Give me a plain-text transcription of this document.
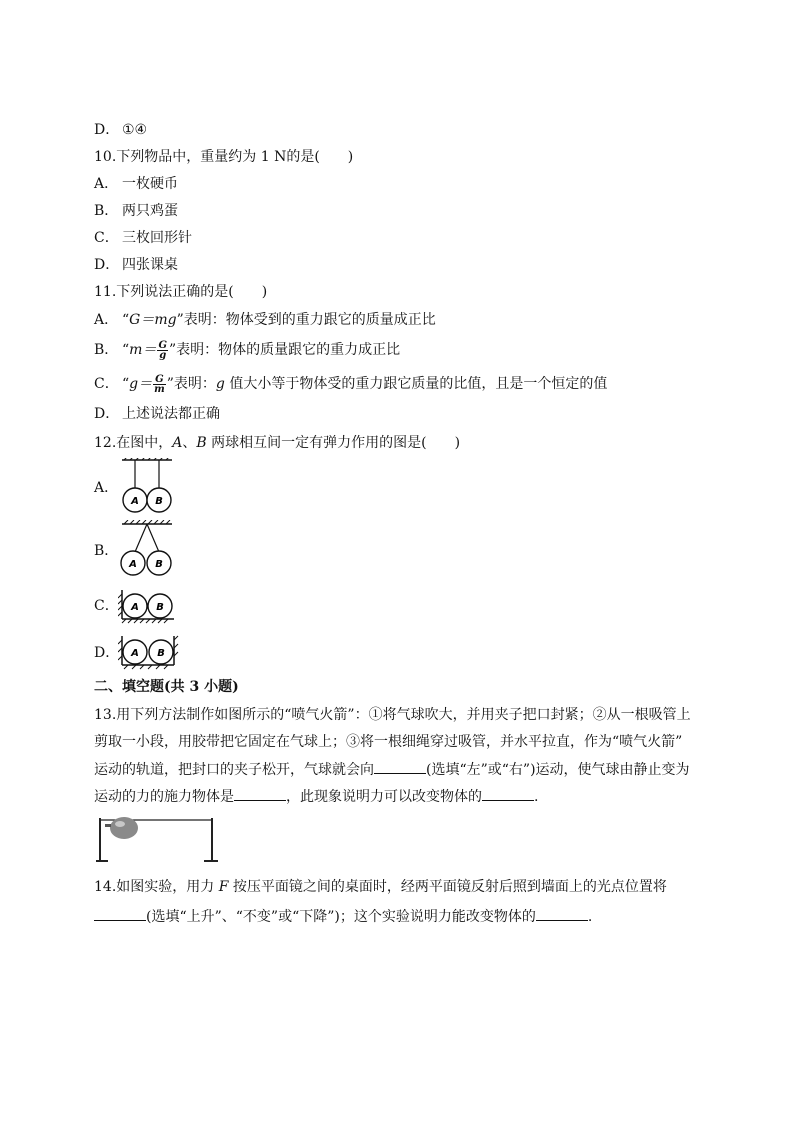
D． ①④
10.下列物品中，重量约为 1 N的是(　　)
A． 一枚硬币
B． 两只鸡蛋
C． 三枚回形针
D． 四张课桌
11.下列说法正确的是(　　)
A． “G＝mg”表明：物体受到的重力跟它的质量成正比
B． “$m= \frac{G}{g}$ ”表明：物体的质量跟它的重力成正比
C． “$g= \frac{G}{m}$ ”表明：g 值大小等于物体受的重力跟它质量的比值，且是一个恒定的值
D． 上述说法都正确
12.在图中，A、B 两球相互间一定有弹力作用的图是(　　)
A．
A B
B．
A B
C． A B
D． A B
二、填空题(共 3 小题)
13.用下列方法制作如图所示的“喷气火箭”：①将气球吹大，并用夹子把口封紧；②从一根吸管上
剪取一小段，用胶带把它固定在气球上；③将一根细绳穿过吸管，并水平拉直，作为“喷气火箭”
运动的轨道，把封口的夹子松开，气球就会向	(选填“左”或“右”)运动，使气球由静止变为
运动的力的施力物体是	，此现象说明力可以改变物体的	.
14.如图实验，用力 F 按压平面镜之间的桌面时，经两平面镜反射后照到墙面上的光点位置将
(选填“上升”、“不变”或“下降”)；这个实验说明力能改变物体的	.
